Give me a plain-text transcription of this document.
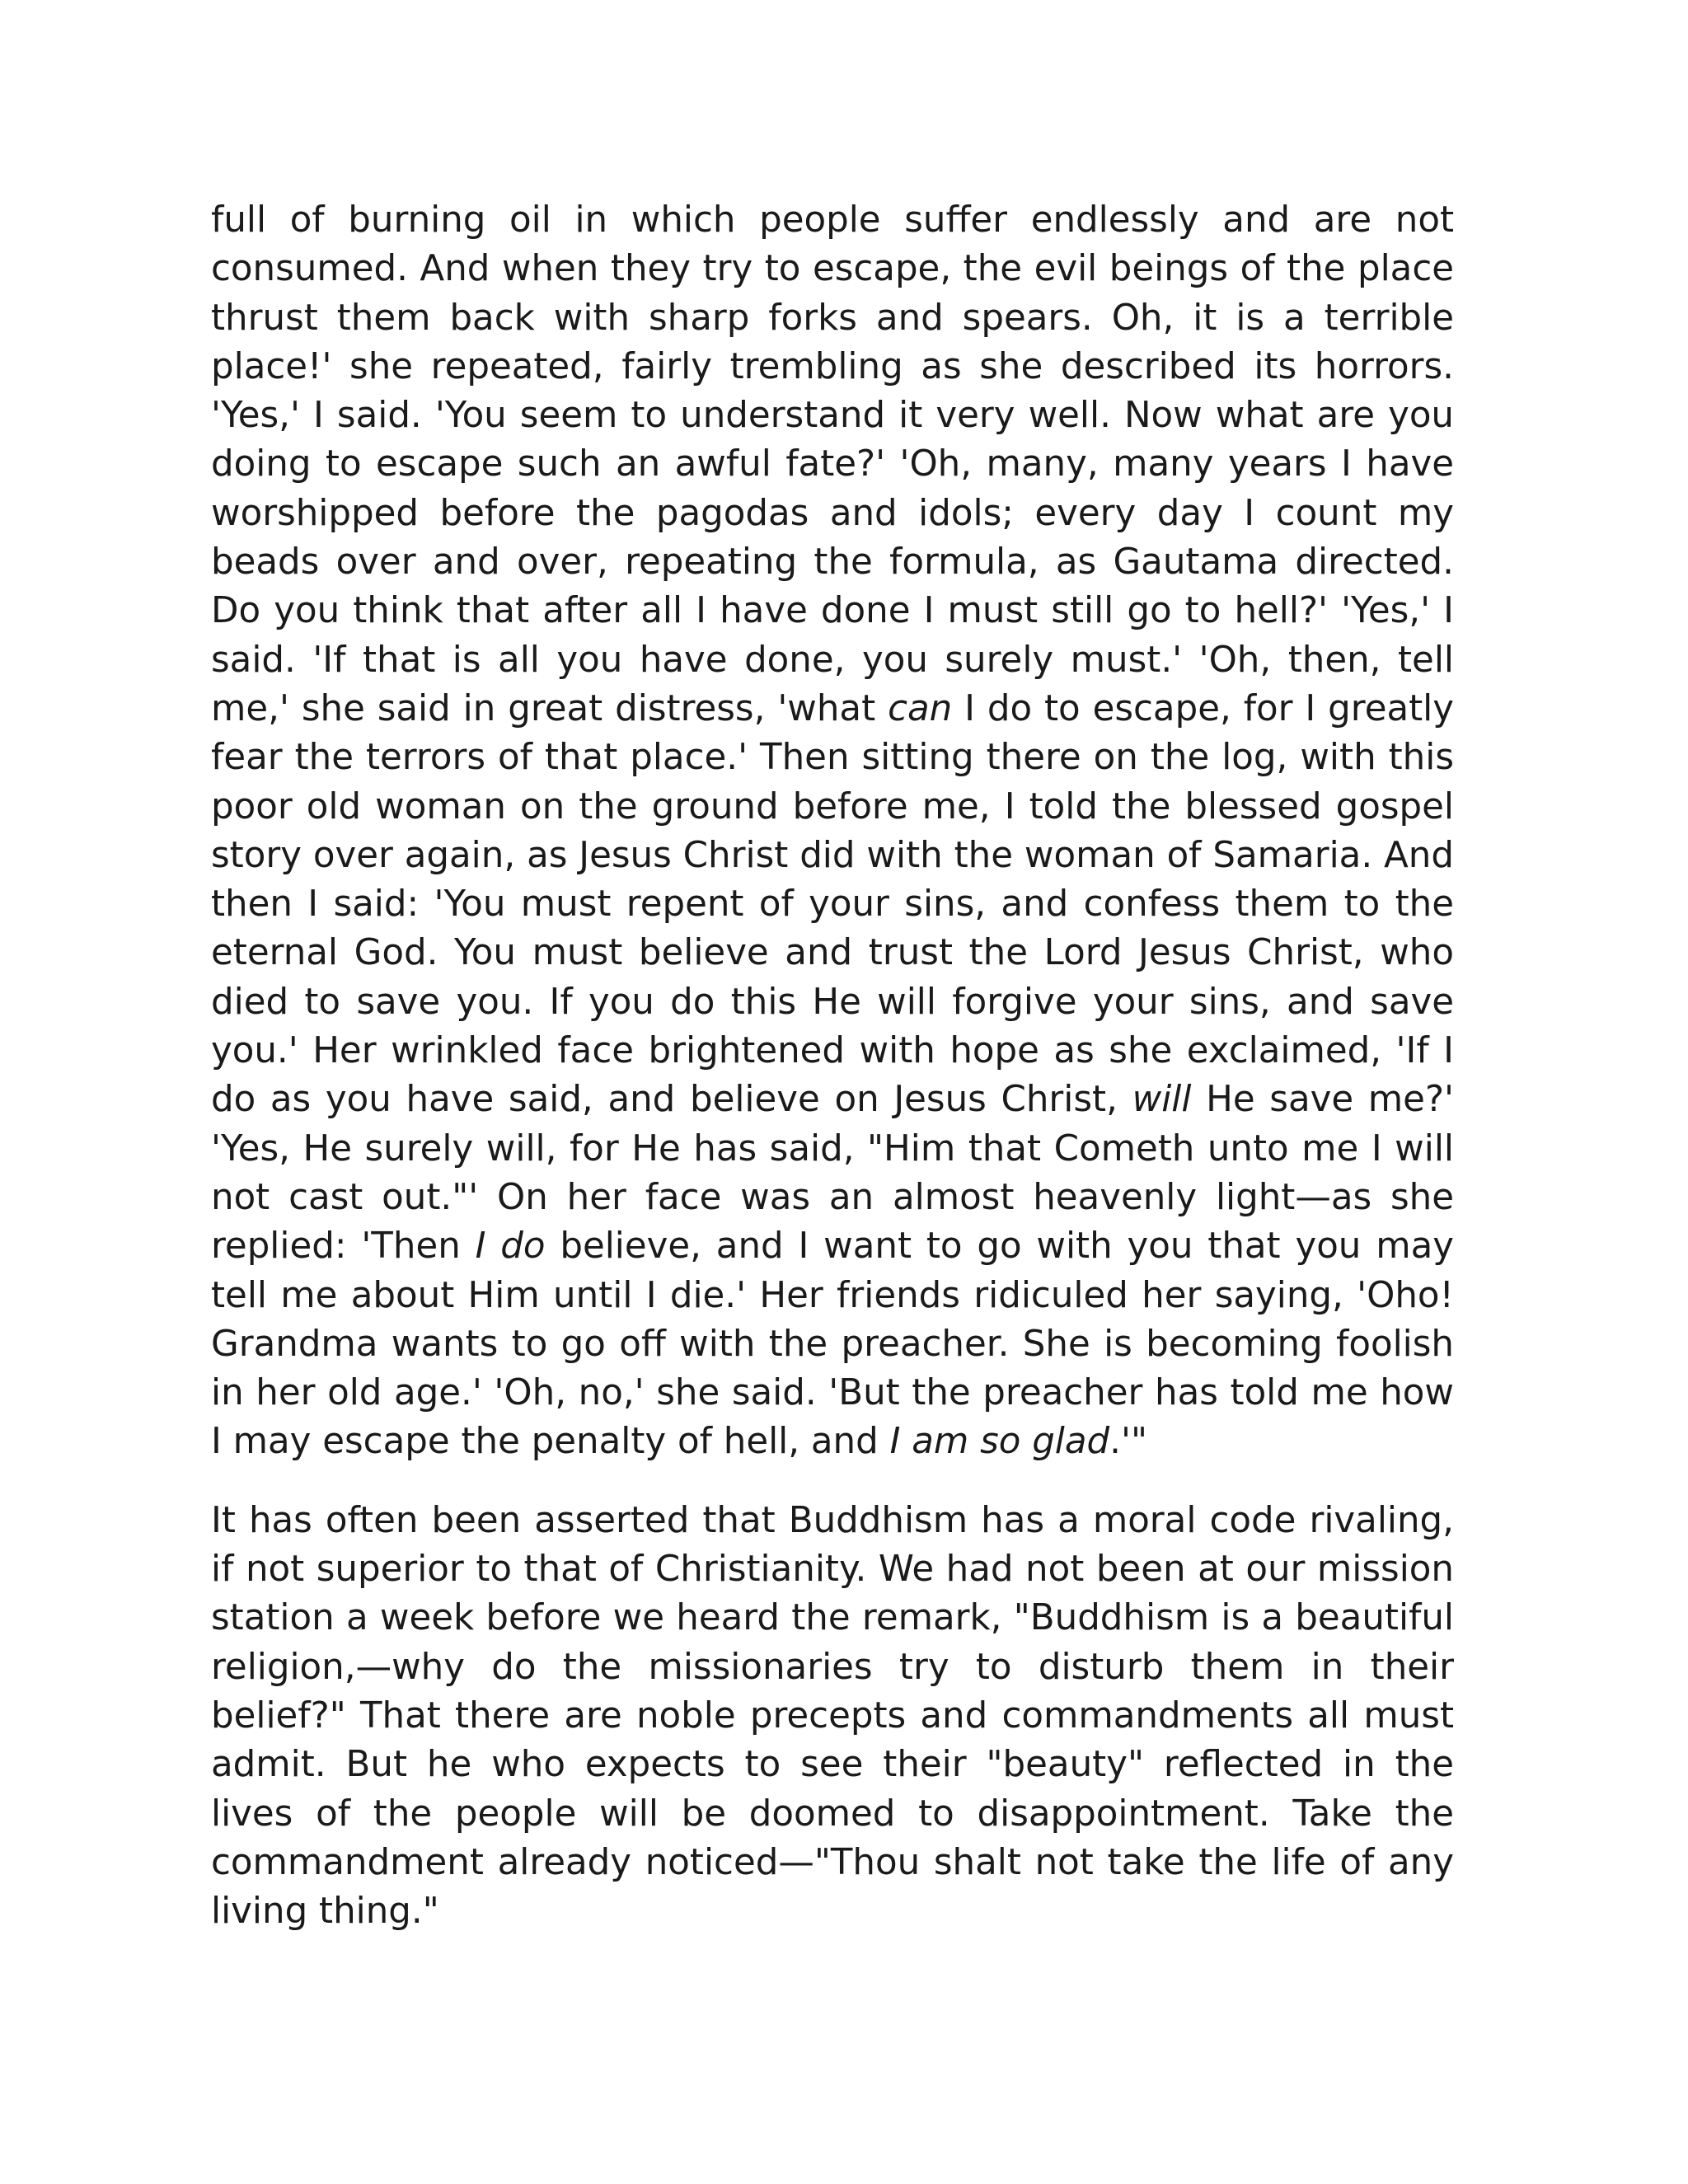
full of burning oil in which people suffer endlessly and are not consumed. And when they try to escape, the evil beings of the place thrust them back with sharp forks and spears. Oh, it is a terrible place!' she repeated, fairly trembling as she described its horrors. 'Yes,' I said. 'You seem to understand it very well. Now what are you doing to escape such an awful fate?' 'Oh, many, many years I have worshipped before the pagodas and idols; every day I count my beads over and over, repeating the formula, as Gautama directed. Do you think that after all I have done I must still go to hell?' 'Yes,' I said. 'If that is all you have done, you surely must.' 'Oh, then, tell me,' she said in great distress, 'what can I do to escape, for I greatly fear the terrors of that place.' Then sitting there on the log, with this poor old woman on the ground before me, I told the blessed gospel story over again, as Jesus Christ did with the woman of Samaria. And then I said: 'You must repent of your sins, and confess them to the eternal God. You must believe and trust the Lord Jesus Christ, who died to save you. If you do this He will forgive your sins, and save you.' Her wrinkled face brightened with hope as she exclaimed, 'If I do as you have said, and believe on Jesus Christ, will He save me?' 'Yes, He surely will, for He has said, "Him that Cometh unto me I will not cast out."' On her face was an almost heavenly light—as she replied: 'Then I do believe, and I want to go with you that you may tell me about Him until I die.' Her friends ridiculed her saying, 'Oho! Grandma wants to go off with the preacher. She is becoming foolish in her old age.' 'Oh, no,' she said. 'But the preacher has told me how I may escape the penalty of hell, and I am so glad.'"

It has often been asserted that Buddhism has a moral code rivaling, if not superior to that of Christianity. We had not been at our mission station a week before we heard the remark, "Buddhism is a beautiful religion,—why do the missionaries try to disturb them in their belief?" That there are noble precepts and commandments all must admit. But he who expects to see their "beauty" reflected in the lives of the people will be doomed to disappointment. Take the commandment already noticed—"Thou shalt not take the life of any living thing."
